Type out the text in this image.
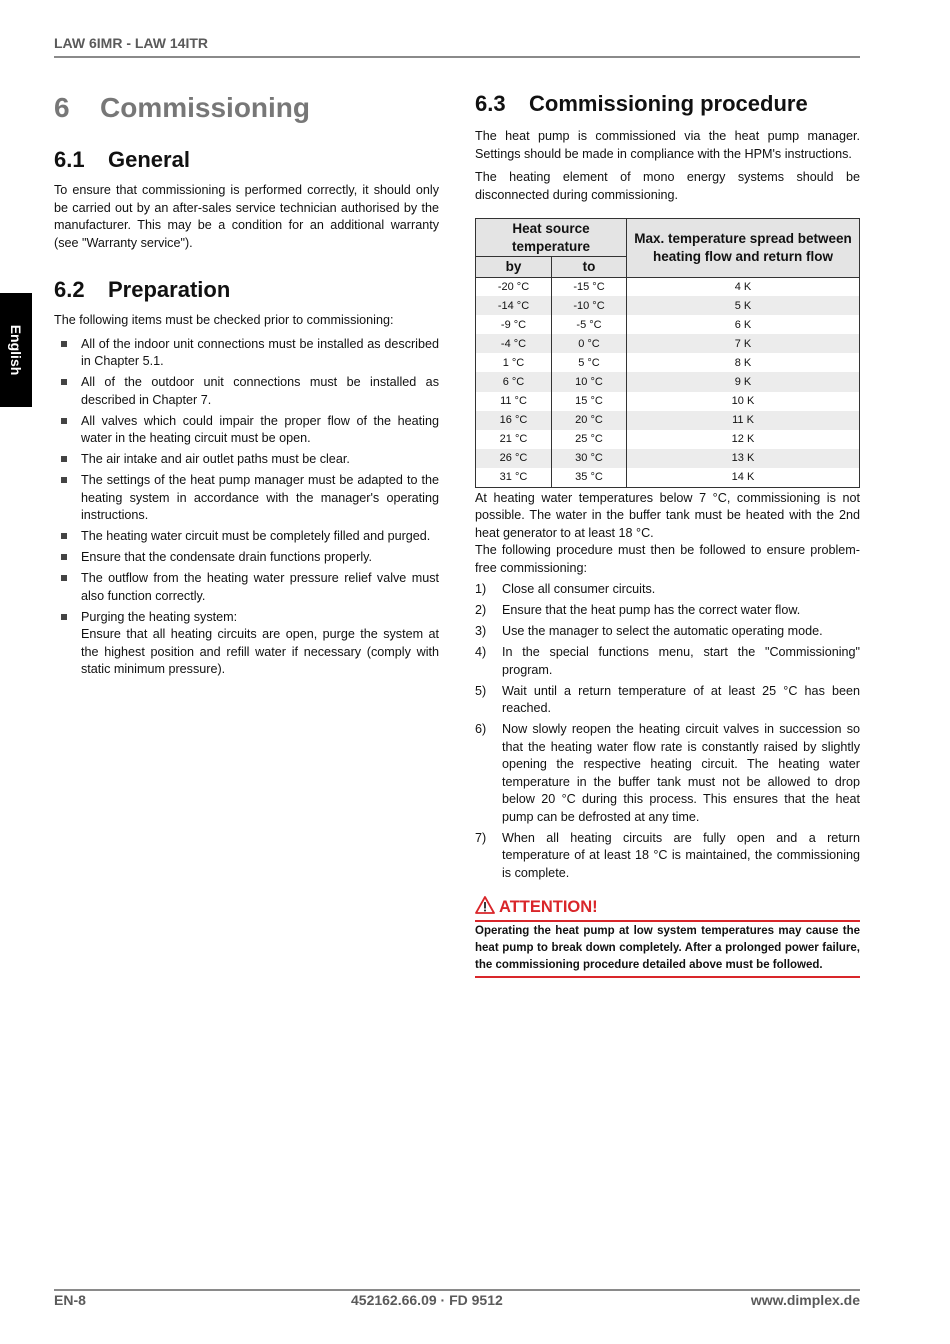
LAW 6IMR - LAW 14ITR
English
6 Commissioning
6.1 General

To ensure that commissioning is performed correctly, it should only be carried out by an after-sales service technician authorised by the manufacturer. This may be a condition for an additional warranty (see "Warranty service").

6.2 Preparation

The following items must be checked prior to commissioning:

All of the indoor unit connections must be installed as described in Chapter 5.1.
All of the outdoor unit connections must be installed as described in Chapter 7.
All valves which could impair the proper flow of the heating water in the heating circuit must be open.
The air intake and air outlet paths must be clear.
The settings of the heat pump manager must be adapted to the heating system in accordance with the manager's operating instructions.
The heating water circuit must be completely filled and purged.
Ensure that the condensate drain functions properly.
The outflow from the heating water pressure relief valve must also function correctly.
Purging the heating system:
Ensure that all heating circuits are open, purge the system at the highest position and refill water if necessary (comply with static minimum pressure).
6.3 Commissioning procedure

The heat pump is commissioned via the heat pump manager. Settings should be made in compliance with the HPM's instructions.

The heating element of mono energy systems should be disconnected during commissioning.

Heat source temperature		Max. temperature spread between heating flow and return flow
by	to	
-20 °C	-15 °C	4 K
-14 °C	-10 °C	5 K
-9 °C	-5 °C	6 K
-4 °C	0 °C	7 K
1 °C	5 °C	8 K
6 °C	10 °C	9 K
11 °C	15 °C	10 K
16 °C	20 °C	11 K
21 °C	25 °C	12 K
26 °C	30 °C	13 K
31 °C	35 °C	14 K

At heating water temperatures below 7 °C, commissioning is not possible. The water in the buffer tank must be heated with the 2nd heat generator to at least 18 °C.

The following procedure must then be followed to ensure problem-free commissioning:

1) Close all consumer circuits.
2) Ensure that the heat pump has the correct water flow.
3) Use the manager to select the automatic operating mode.
4) In the special functions menu, start the "Commissioning" program.
5) Wait until a return temperature of at least 25 °C has been reached.
6) Now slowly reopen the heating circuit valves in succession so that the heating water flow rate is constantly raised by slightly opening the respective heating circuit. The heating water temperature in the buffer tank must not be allowed to drop below 20 °C during this process. This ensures that the heat pump can be defrosted at any time.
7) When all heating circuits are fully open and a return temperature of at least 18 °C is maintained, the commissioning is complete.
ATTENTION!
Operating the heat pump at low system temperatures may cause the heat pump to break down completely. After a prolonged power failure, the commissioning procedure detailed above must be followed.
EN-8	452162.66.09 · FD 9512	www.dimplex.de
